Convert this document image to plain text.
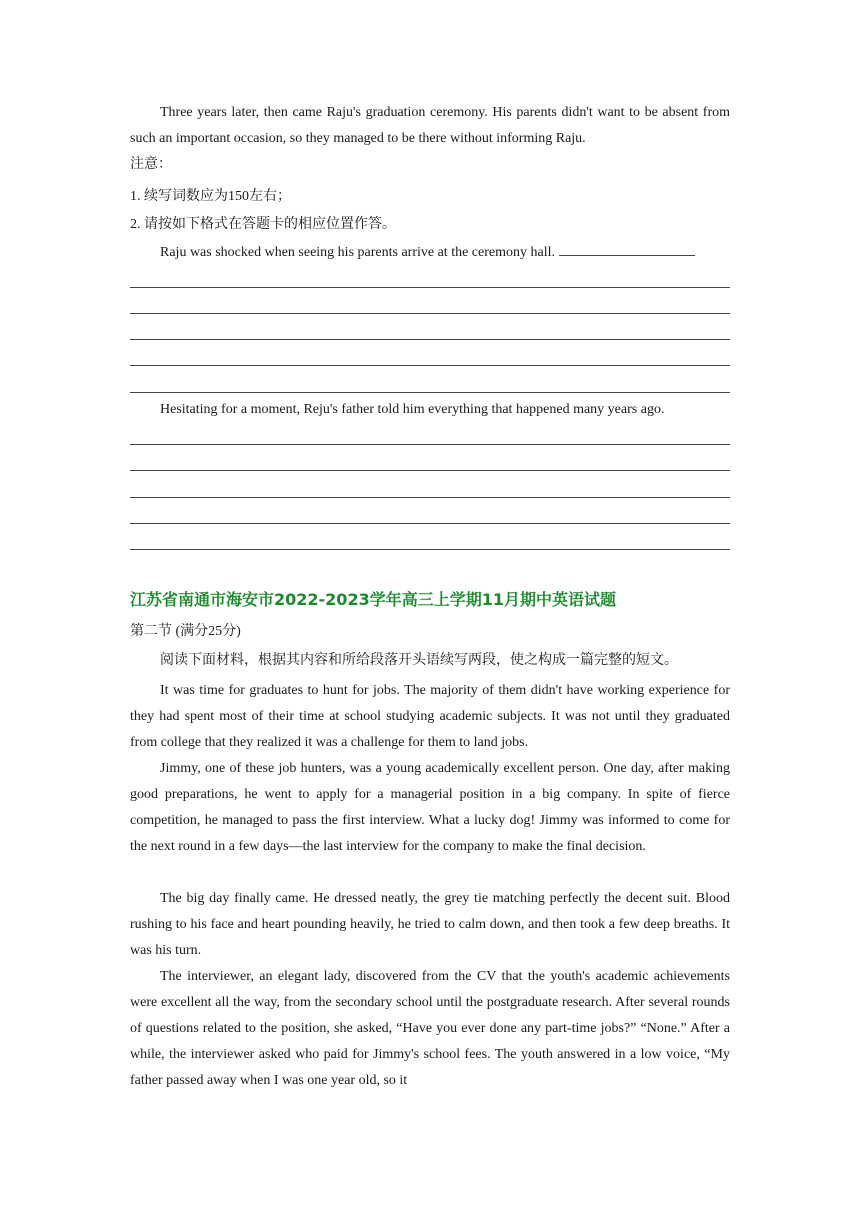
Three years later, then came Raju's graduation ceremony. His parents didn't want to be absent from such an important occasion, so they managed to be there without informing Raju.

注意：

1. 续写词数应为150左右；

2. 请按如下格式在答题卡的相应位置作答。

Raju was shocked when seeing his parents arrive at the ceremony hall.

Hesitating for a moment, Reju's father told him everything that happened many years ago.

江苏省南通市海安市2022-2023学年高三上学期11月期中英语试题

第二节 (满分25分)

阅读下面材料，根据其内容和所给段落开头语续写两段，使之构成一篇完整的短文。

It was time for graduates to hunt for jobs. The majority of them didn't have working experience for they had spent most of their time at school studying academic subjects. It was not until they graduated from college that they realized it was a challenge for them to land jobs.

Jimmy, one of these job hunters, was a young academically excellent person. One day, after making good preparations, he went to apply for a managerial position in a big company. In spite of fierce competition, he managed to pass the first interview. What a lucky dog! Jimmy was informed to come for the next round in a few days—the last interview for the company to make the final decision.

The big day finally came. He dressed neatly, the grey tie matching perfectly the decent suit. Blood rushing to his face and heart pounding heavily, he tried to calm down, and then took a few deep breaths. It was his turn.

The interviewer, an elegant lady, discovered from the CV that the youth's academic achievements were excellent all the way, from the secondary school until the postgraduate research. After several rounds of questions related to the position, she asked, “Have you ever done any part-time jobs?” “None.” After a while, the interviewer asked who paid for Jimmy's school fees. The youth answered in a low voice, “My father passed away when I was one year old, so it
